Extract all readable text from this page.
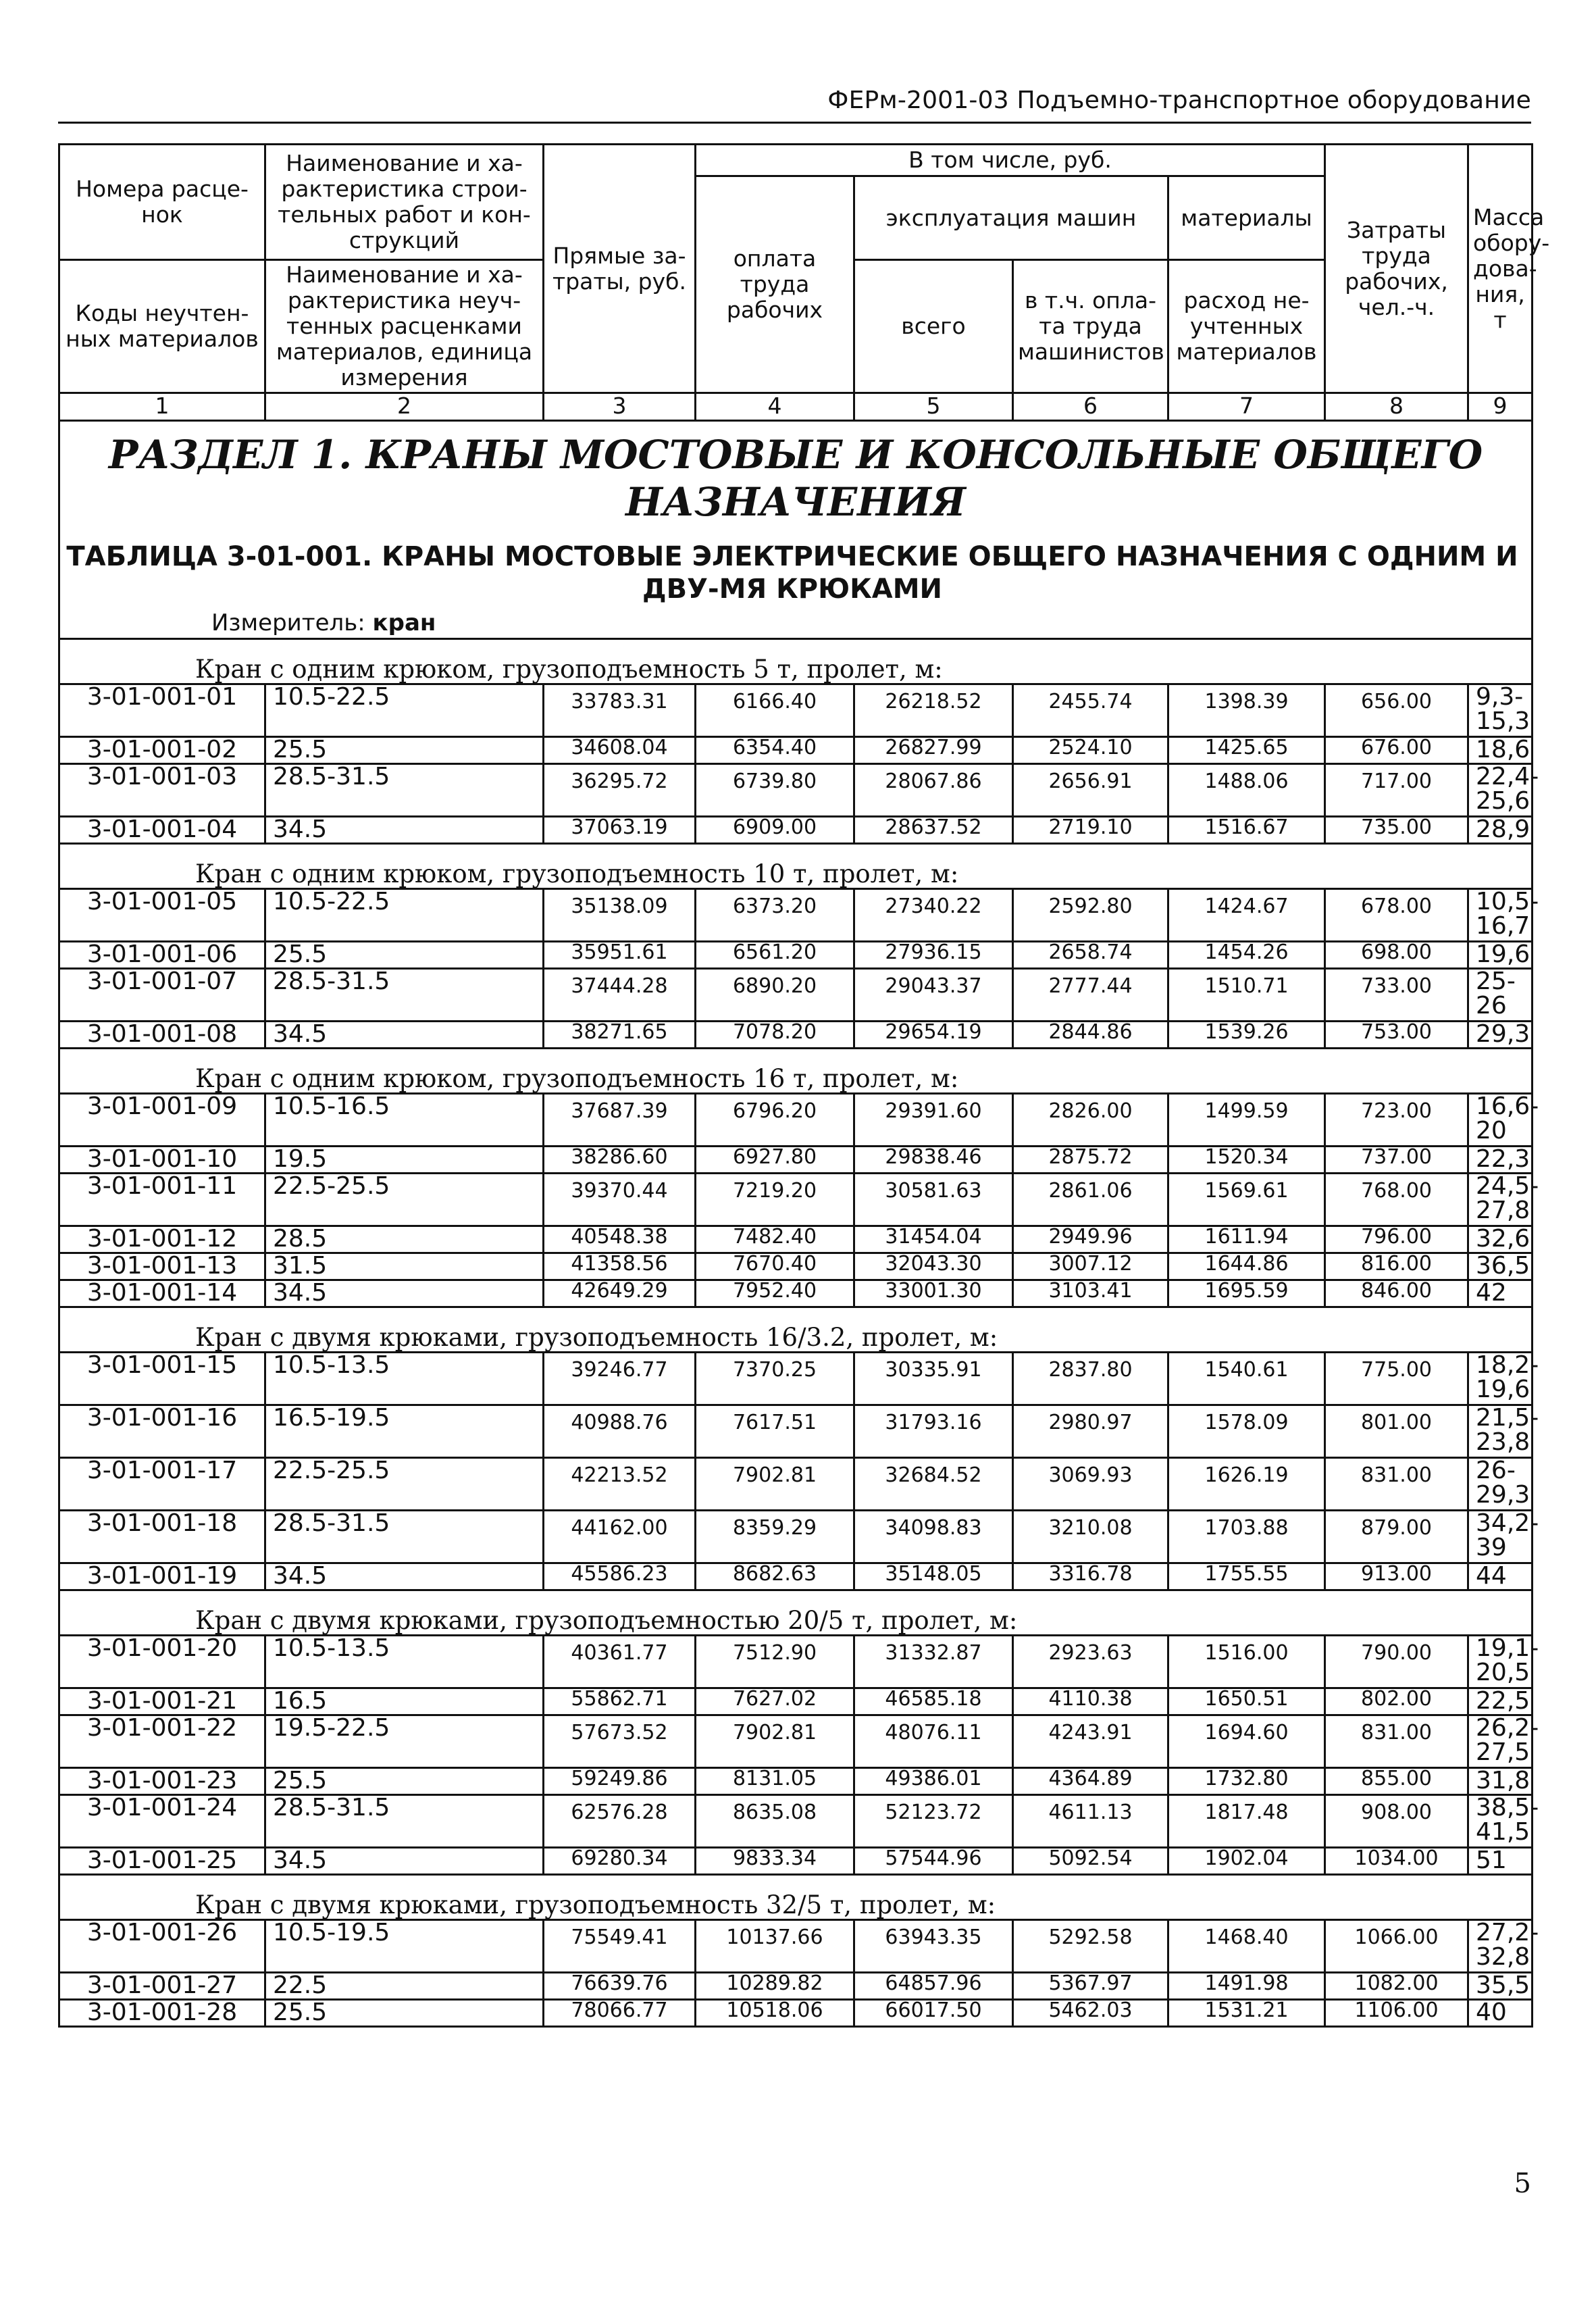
ФЕРм-2001-03 Подъемно-транспортное оборудование
Номера расце-нок	Наименование и ха-рактеристика строи-тельных работ и кон-струкций	Прямые за-траты, руб.	В том числе, руб.				Затраты труда рабочих, чел.-ч.	Масса обору-дова-ния, т
			оплата труда рабочих	эксплуатация машин		материалы		
Коды неучтен-ных материалов	Наименование и ха-рактеристика неуч-тенных расценками материалов, единица измерения			всего	в т.ч. опла-та труда машинистов	расход не-учтенных материалов		

1	2	3	4	5	6	7	8	9

РАЗДЕЛ 1. КРАНЫ МОСТОВЫЕ И КОНСОЛЬНЫЕ ОБЩЕГО НАЗНАЧЕНИЯ
ТАБЛИЦА 3-01-001. КРАНЫ МОСТОВЫЕ ЭЛЕКТРИЧЕСКИЕ ОБЩЕГО НАЗНАЧЕНИЯ С ОДНИМ И ДВУ-МЯ КРЮКАМИ
Измеритель: кран								

Кран с одним крюком, грузоподъемность 5 т, пролет, м:								
3-01-001-01	10.5-22.5	33783.31	6166.40	26218.52	2455.74	1398.39	656.00	9,3-15,3
3-01-001-02	25.5	34608.04	6354.40	26827.99	2524.10	1425.65	676.00	18,6
3-01-001-03	28.5-31.5	36295.72	6739.80	28067.86	2656.91	1488.06	717.00	22,4-25,6
3-01-001-04	34.5	37063.19	6909.00	28637.52	2719.10	1516.67	735.00	28,9
Кран с одним крюком, грузоподъемность 10 т, пролет, м:								
3-01-001-05	10.5-22.5	35138.09	6373.20	27340.22	2592.80	1424.67	678.00	10,5-16,7
3-01-001-06	25.5	35951.61	6561.20	27936.15	2658.74	1454.26	698.00	19,6
3-01-001-07	28.5-31.5	37444.28	6890.20	29043.37	2777.44	1510.71	733.00	25-26
3-01-001-08	34.5	38271.65	7078.20	29654.19	2844.86	1539.26	753.00	29,3
Кран с одним крюком, грузоподъемность 16 т, пролет, м:								
3-01-001-09	10.5-16.5	37687.39	6796.20	29391.60	2826.00	1499.59	723.00	16,6-20
3-01-001-10	19.5	38286.60	6927.80	29838.46	2875.72	1520.34	737.00	22,3
3-01-001-11	22.5-25.5	39370.44	7219.20	30581.63	2861.06	1569.61	768.00	24,5-27,8
3-01-001-12	28.5	40548.38	7482.40	31454.04	2949.96	1611.94	796.00	32,6
3-01-001-13	31.5	41358.56	7670.40	32043.30	3007.12	1644.86	816.00	36,5
3-01-001-14	34.5	42649.29	7952.40	33001.30	3103.41	1695.59	846.00	42
Кран с двумя крюками, грузоподъемность 16/3.2, пролет, м:								
3-01-001-15	10.5-13.5	39246.77	7370.25	30335.91	2837.80	1540.61	775.00	18,2-19,6
3-01-001-16	16.5-19.5	40988.76	7617.51	31793.16	2980.97	1578.09	801.00	21,5-23,8
3-01-001-17	22.5-25.5	42213.52	7902.81	32684.52	3069.93	1626.19	831.00	26-29,3
3-01-001-18	28.5-31.5	44162.00	8359.29	34098.83	3210.08	1703.88	879.00	34,2-39
3-01-001-19	34.5	45586.23	8682.63	35148.05	3316.78	1755.55	913.00	44
Кран с двумя крюками, грузоподъемностью 20/5 т, пролет, м:								
3-01-001-20	10.5-13.5	40361.77	7512.90	31332.87	2923.63	1516.00	790.00	19,1-20,5
3-01-001-21	16.5	55862.71	7627.02	46585.18	4110.38	1650.51	802.00	22,5
3-01-001-22	19.5-22.5	57673.52	7902.81	48076.11	4243.91	1694.60	831.00	26,2-27,5
3-01-001-23	25.5	59249.86	8131.05	49386.01	4364.89	1732.80	855.00	31,8
3-01-001-24	28.5-31.5	62576.28	8635.08	52123.72	4611.13	1817.48	908.00	38,5-41,5
3-01-001-25	34.5	69280.34	9833.34	57544.96	5092.54	1902.04	1034.00	51
Кран с двумя крюками, грузоподъемность 32/5 т, пролет, м:								
3-01-001-26	10.5-19.5	75549.41	10137.66	63943.35	5292.58	1468.40	1066.00	27,2-32,8
3-01-001-27	22.5	76639.76	10289.82	64857.96	5367.97	1491.98	1082.00	35,5
3-01-001-28	25.5	78066.77	10518.06	66017.50	5462.03	1531.21	1106.00	40
5
